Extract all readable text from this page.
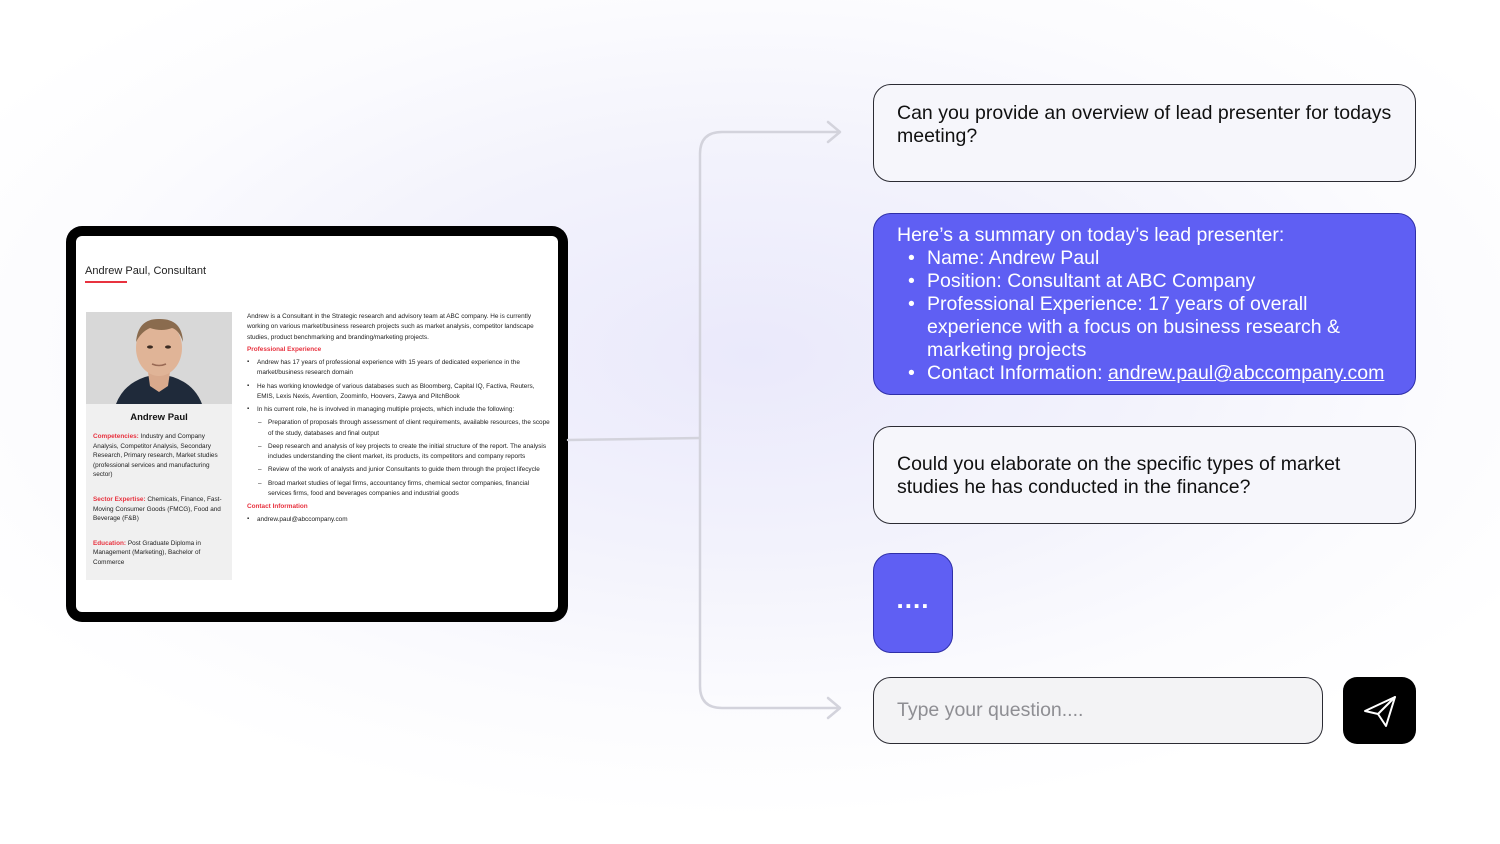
Andrew Paul, Consultant
Andrew Paul
Competencies: Industry and Company Analysis, Competitor Analysis, Secondary Research, Primary research, Market studies (professional services and manufacturing sector)
Sector Expertise: Chemicals, Finance, Fast-Moving Consumer Goods (FMCG), Food and Beverage (F&B)
Education: Post Graduate Diploma in Management (Marketing), Bachelor of Commerce

Andrew is a Consultant in the Strategic research and advisory team at ABC company. He is currently working on various market/business research projects such as market analysis, competitor landscape studies, product benchmarking and branding/marketing projects.

Professional Experience
▪ Andrew has 17 years of professional experience with 15 years of dedicated experience in the market/business research domain
▪ He has working knowledge of various databases such as Bloomberg, Capital IQ, Factiva, Reuters, EMIS, Lexis Nexis, Avention, Zoominfo, Hoovers, Zawya and PitchBook
▪ In his current role, he is involved in managing multiple projects, which include the following:
– Preparation of proposals through assessment of client requirements, available resources, the scope of the study, databases and final output
– Deep research and analysis of key projects to create the initial structure of the report. The analysis includes understanding the client market, its products, its competitors and company reports
– Review of the work of analysts and junior Consultants to guide them through the project lifecycle
– Broad market studies of legal firms, accountancy firms, chemical sector companies, financial services firms, food and beverages companies and industrial goods
Contact Information
▪ andrew.paul@abccompany.com
Can you provide an overview of lead presenter for todays meeting?
Here’s a summary on today’s lead presenter:
• Name: Andrew Paul
• Position: Consultant at ABC Company
• Professional Experience: 17 years of overall experience with a focus on business research & marketing projects
• Contact Information: andrew.paul@abccompany.com
Could you elaborate on the specific types of market studies he has conducted in the finance?
....
Type your question....
